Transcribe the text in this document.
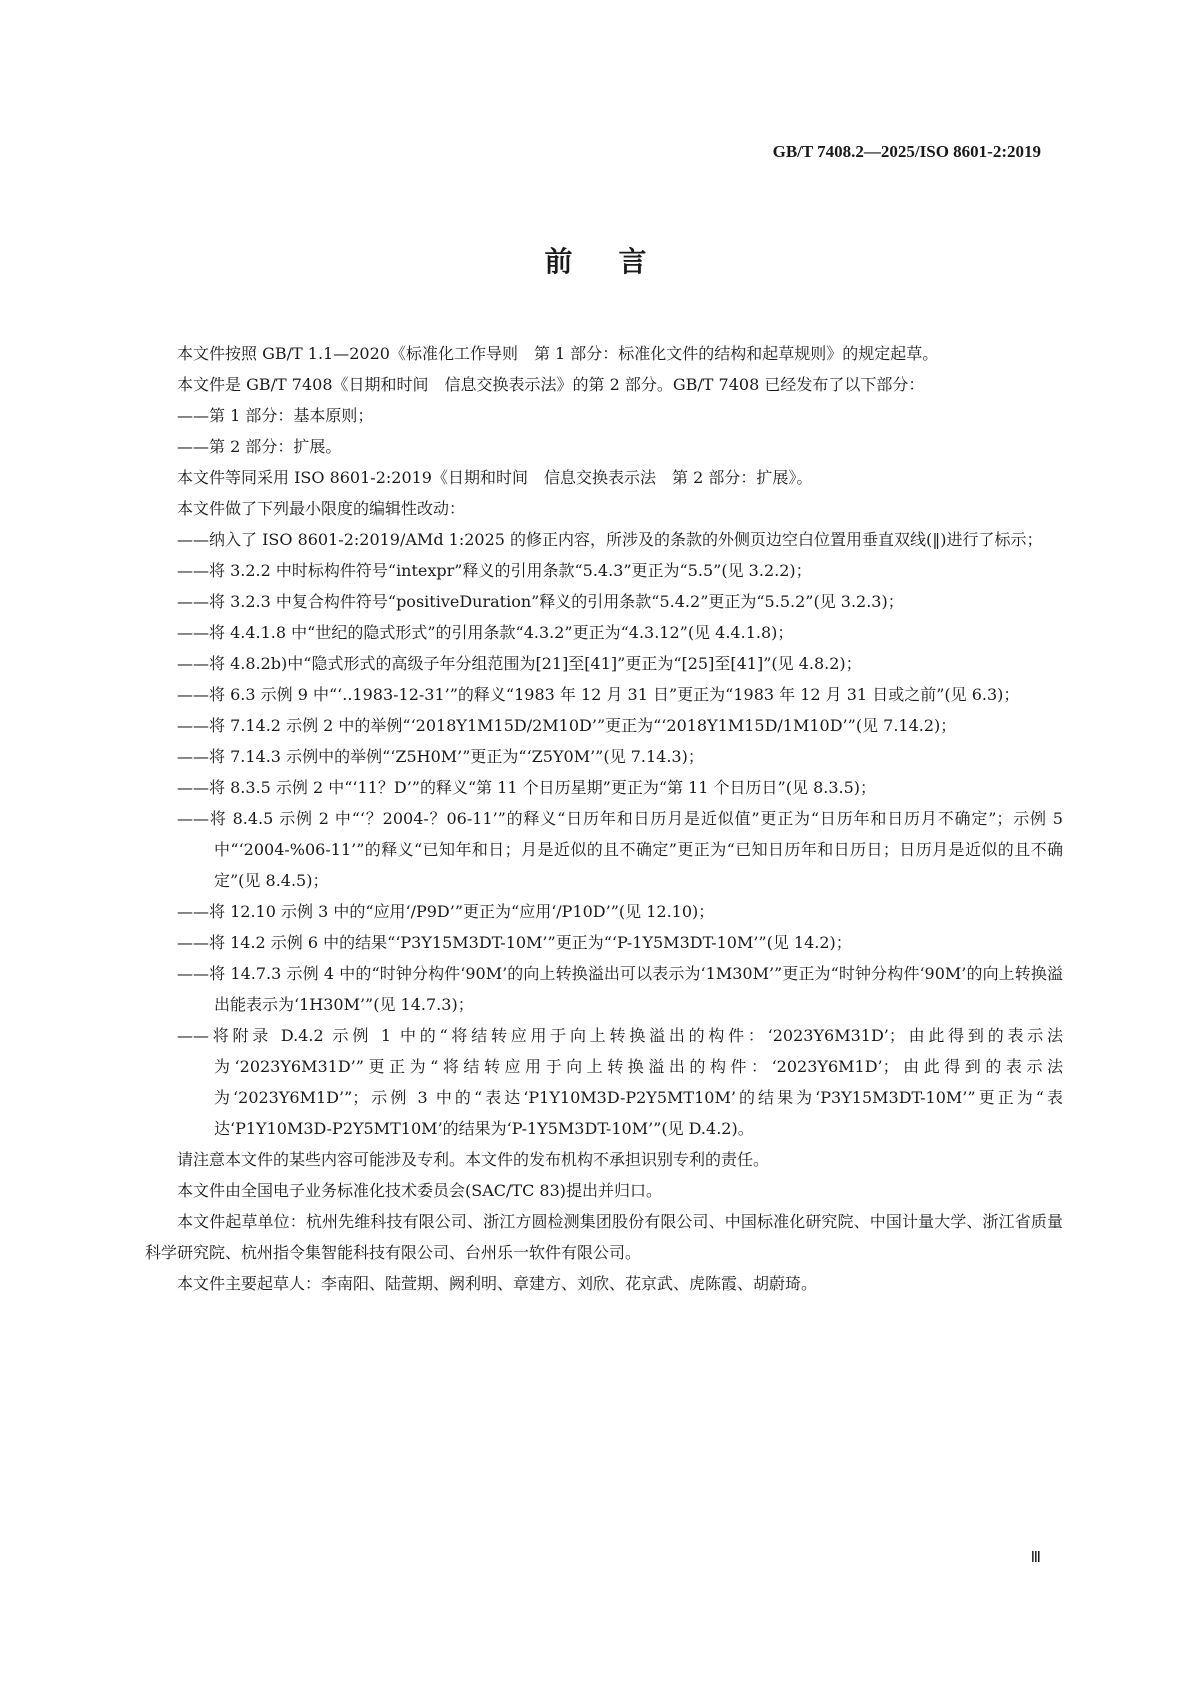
GB/T 7408.2—2025/ISO 8601-2:2019
前言

本文件按照 GB/T 1.1—2020《标准化工作导则　第 1 部分：标准化文件的结构和起草规则》的规定起草。

本文件是 GB/T 7408《日期和时间　信息交换表示法》的第 2 部分。GB/T 7408 已经发布了以下部分：

——第 1 部分：基本原则；

——第 2 部分：扩展。

本文件等同采用 ISO 8601-2:2019《日期和时间　信息交换表示法　第 2 部分：扩展》。

本文件做了下列最小限度的编辑性改动：

——纳入了 ISO 8601-2:2019/AMd 1:2025 的修正内容，所涉及的条款的外侧页边空白位置用垂直双线(‖)进行了标示；

——将 3.2.2 中时标构件符号“intexpr”释义的引用条款“5.4.3”更正为“5.5”(见 3.2.2)；

——将 3.2.3 中复合构件符号“positiveDuration”释义的引用条款“5.4.2”更正为“5.5.2”(见 3.2.3)；

——将 4.4.1.8 中“世纪的隐式形式”的引用条款“4.3.2”更正为“4.3.12”(见 4.4.1.8)；

——将 4.8.2b)中“隐式形式的高级子年分组范围为[21]至[41]”更正为“[25]至[41]”(见 4.8.2)；

——将 6.3 示例 9 中“‘..1983-12-31’”的释义“1983 年 12 月 31 日”更正为“1983 年 12 月 31 日或之前”(见 6.3)；

——将 7.14.2 示例 2 中的举例“‘2018Y1M15D/2M10D’”更正为“‘2018Y1M15D/1M10D’”(见 7.14.2)；

——将 7.14.3 示例中的举例“‘Z5H0M’”更正为“‘Z5Y0M’”(见 7.14.3)；

——将 8.3.5 示例 2 中“‘11？D’”的释义“第 11 个日历星期”更正为“第 11 个日历日”(见 8.3.5)；

——将 8.4.5 示例 2 中“‘？2004-？06-11’”的释义“日历年和日历月是近似值”更正为“日历年和日历月不确定”；示例 5 中“‘2004-%06-11’”的释义“已知年和日；月是近似的且不确定”更正为“已知日历年和日历日；日历月是近似的且不确定”(见 8.4.5)；

——将 12.10 示例 3 中的“应用‘/P9D’”更正为“应用‘/P10D’”(见 12.10)；

——将 14.2 示例 6 中的结果“‘P3Y15M3DT-10M’”更正为“‘P-1Y5M3DT-10M’”(见 14.2)；

——将 14.7.3 示例 4 中的“时钟分构件‘90M’的向上转换溢出可以表示为‘1M30M’”更正为“时钟分构件‘90M’的向上转换溢出能表示为‘1H30M’”(见 14.7.3)；

——将附录 D.4.2 示例 1 中的“将结转应用于向上转换溢出的构件：‘2023Y6M31D’；由此得到的表示法为‘2023Y6M31D’”更正为“将结转应用于向上转换溢出的构件：‘2023Y6M1D’；由此得到的表示法为‘2023Y6M1D’”；示例 3 中的“表达‘P1Y10M3D-P2Y5MT10M’的结果为‘P3Y15M3DT-10M’”更正为“表达‘P1Y10M3D-P2Y5MT10M’的结果为‘P-1Y5M3DT-10M’”(见 D.4.2)。

请注意本文件的某些内容可能涉及专利。本文件的发布机构不承担识别专利的责任。

本文件由全国电子业务标准化技术委员会(SAC/TC 83)提出并归口。

本文件起草单位：杭州先维科技有限公司、浙江方圆检测集团股份有限公司、中国标准化研究院、中国计量大学、浙江省质量科学研究院、杭州指令集智能科技有限公司、台州乐一软件有限公司。

本文件主要起草人：李南阳、陆萱期、阙利明、章建方、刘欣、花京武、虎陈霞、胡蔚琦。

Ⅲ
